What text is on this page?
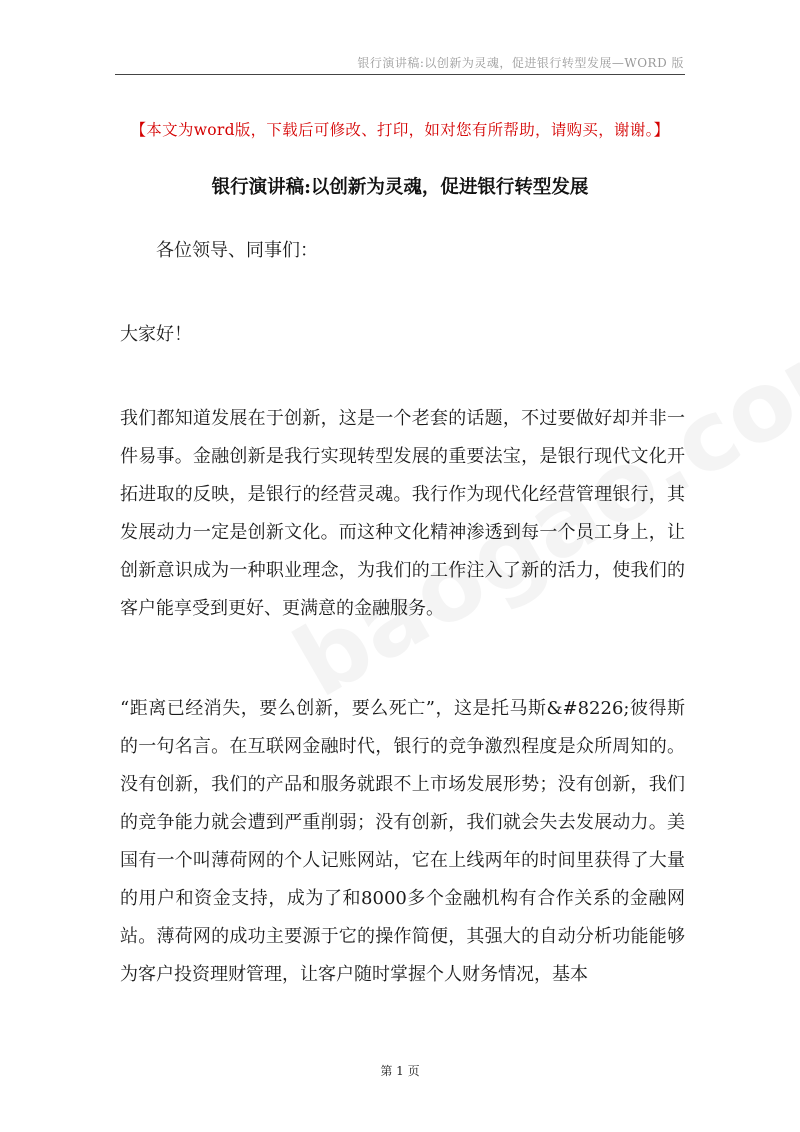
银行演讲稿:以创新为灵魂，促进银行转型发展—WORD 版
【本文为word版，下载后可修改、打印，如对您有所帮助，请购买，谢谢。】
银行演讲稿:以创新为灵魂，促进银行转型发展
各位领导、同事们：
大家好！
我们都知道发展在于创新，这是一个老套的话题，不过要做好却并非一件易事。金融创新是我行实现转型发展的重要法宝，是银行现代文化开拓进取的反映，是银行的经营灵魂。我行作为现代化经营管理银行，其发展动力一定是创新文化。而这种文化精神渗透到每一个员工身上，让创新意识成为一种职业理念，为我们的工作注入了新的活力，使我们的客户能享受到更好、更满意的金融服务。
“距离已经消失，要么创新，要么死亡”，这是托马斯&#8226;彼得斯的一句名言。在互联网金融时代，银行的竞争激烈程度是众所周知的。没有创新，我们的产品和服务就跟不上市场发展形势；没有创新，我们的竞争能力就会遭到严重削弱；没有创新，我们就会失去发展动力。美国有一个叫薄荷网的个人记账网站，它在上线两年的时间里获得了大量的用户和资金支持，成为了和8000多个金融机构有合作关系的金融网站。薄荷网的成功主要源于它的操作简便，其强大的自动分析功能能够为客户投资理财管理，让客户随时掌握个人财务情况，基本
第 1 页
